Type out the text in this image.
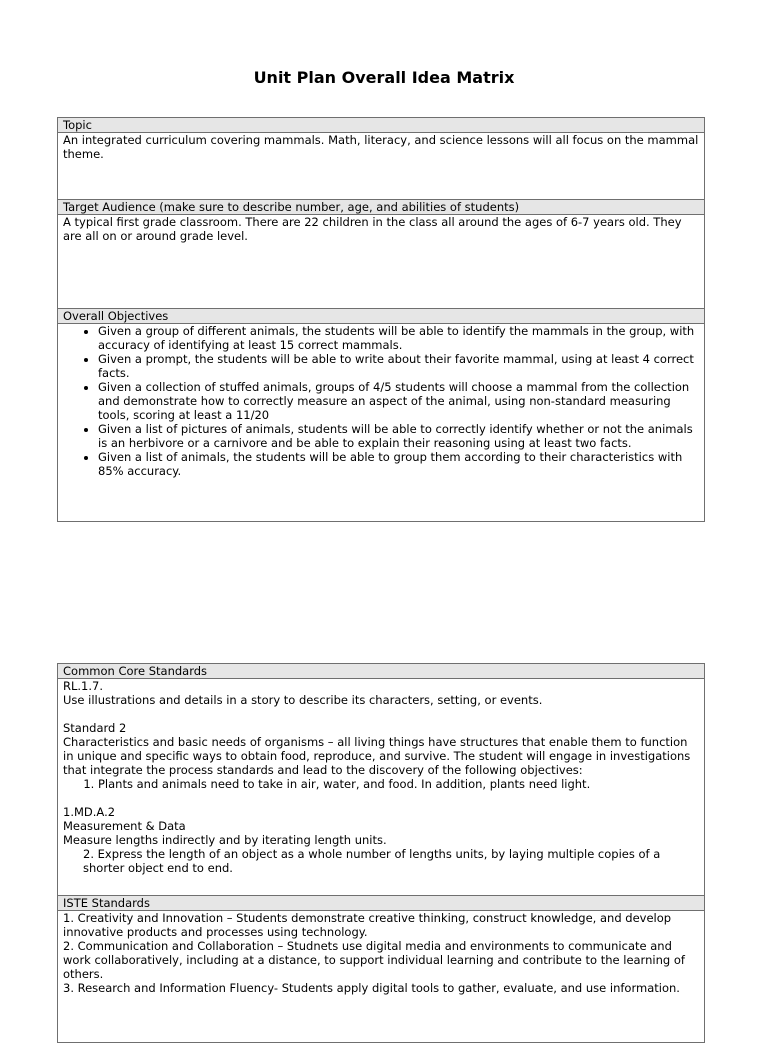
Unit Plan Overall Idea Matrix
Topic

An integrated curriculum covering mammals. Math, literacy, and science lessons will all focus on the mammal theme.

Target Audience (make sure to describe number, age, and abilities of students)

A typical first grade classroom. There are 22 children in the class all around the ages of 6-7 years old. They are all on or around grade level.

Overall Objectives
• Given a group of different animals, the students will be able to identify the mammals in the group, with accuracy of identifying at least 15 correct mammals.
• Given a prompt, the students will be able to write about their favorite mammal, using at least 4 correct facts.
• Given a collection of stuffed animals, groups of 4/5 students will choose a mammal from the collection and demonstrate how to correctly measure an aspect of the animal, using non-standard measuring tools, scoring at least a 11/20
• Given a list of pictures of animals, students will be able to correctly identify whether or not the animals is an herbivore or a carnivore and be able to explain their reasoning using at least two facts.
• Given a list of animals, the students will be able to group them according to their characteristics with 85% accuracy.
Common Core Standards

RL.1.7.

Use illustrations and details in a story to describe its characters, setting, or events.

Standard 2

Characteristics and basic needs of organisms – all living things have structures that enable them to function in unique and specific ways to obtain food, reproduce, and survive. The student will engage in investigations that integrate the process standards and lead to the discovery of the following objectives:

1. Plants and animals need to take in air, water, and food. In addition, plants need light.

1.MD.A.2

Measurement & Data

Measure lengths indirectly and by iterating length units.

2. Express the length of an object as a whole number of lengths units, by laying multiple copies of a shorter object end to end.

ISTE Standards

1. Creativity and Innovation – Students demonstrate creative thinking, construct knowledge, and develop innovative products and processes using technology.

2. Communication and Collaboration – Studnets use digital media and environments to communicate and work collaboratively, including at a distance, to support individual learning and contribute to the learning of others.

3. Research and Information Fluency- Students apply digital tools to gather, evaluate, and use information.
